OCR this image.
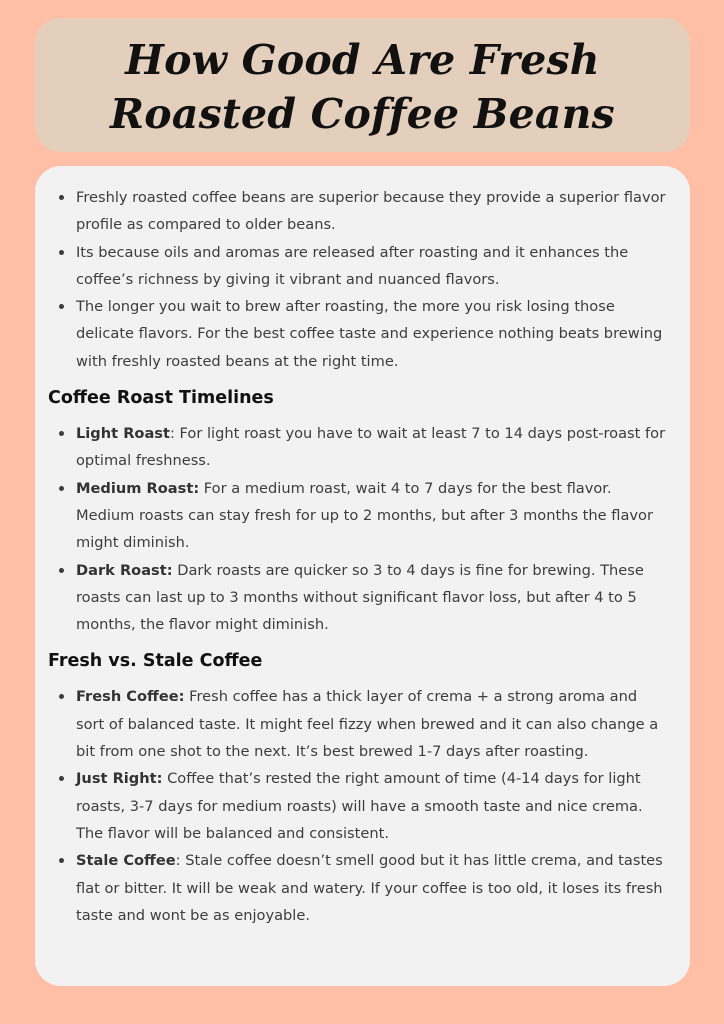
How Good Are Fresh Roasted Coffee Beans
Freshly roasted coffee beans are superior because they provide a superior flavor profile as compared to older beans.
Its because oils and aromas are released after roasting and it enhances the coffee’s richness by giving it vibrant and nuanced flavors.
The longer you wait to brew after roasting, the more you risk losing those delicate flavors. For the best coffee taste and experience nothing beats brewing with freshly roasted beans at the right time.
Coffee Roast Timelines
Light Roast: For light roast you have to wait at least 7 to 14 days post-roast for optimal freshness.
Medium Roast: For a medium roast, wait 4 to 7 days for the best flavor. Medium roasts can stay fresh for up to 2 months, but after 3 months the flavor might diminish.
Dark Roast: Dark roasts are quicker so 3 to 4 days is fine for brewing. These roasts can last up to 3 months without significant flavor loss, but after 4 to 5 months, the flavor might diminish.
Fresh vs. Stale Coffee
Fresh Coffee: Fresh coffee has a thick layer of crema + a strong aroma and sort of balanced taste. It might feel fizzy when brewed and it can also change a bit from one shot to the next. It’s best brewed 1-7 days after roasting.
Just Right: Coffee that’s rested the right amount of time (4-14 days for light roasts, 3-7 days for medium roasts) will have a smooth taste and nice crema. The flavor will be balanced and consistent.
Stale Coffee: Stale coffee doesn’t smell good but it has little crema, and tastes flat or bitter. It will be weak and watery. If your coffee is too old, it loses its fresh taste and wont be as enjoyable.
